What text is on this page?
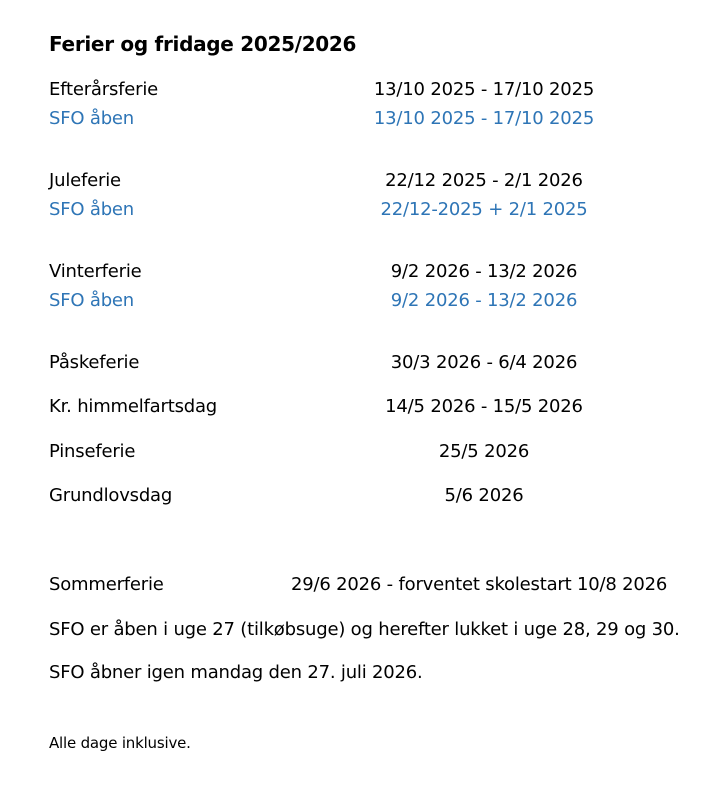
Ferier og fridage 2025/2026
Efterårsferie	13/10 2025 - 17/10 2025
SFO åben	13/10 2025 - 17/10 2025
Juleferie	22/12 2025 - 2/1 2026
SFO åben	22/12-2025 + 2/1 2025
Vinterferie	9/2 2026 - 13/2 2026
SFO åben	9/2 2026 - 13/2 2026
Påskeferie	30/3 2026 - 6/4 2026
Kr. himmelfartsdag	14/5 2026 - 15/5 2026
Pinseferie	25/5 2026
Grundlovsdag	5/6 2026
Sommerferie	29/6 2026 - forventet skolestart 10/8 2026
SFO er åben i uge 27 (tilkøbsuge) og herefter lukket i uge 28, 29 og 30.
SFO åbner igen mandag den 27. juli 2026.
Alle dage inklusive.
